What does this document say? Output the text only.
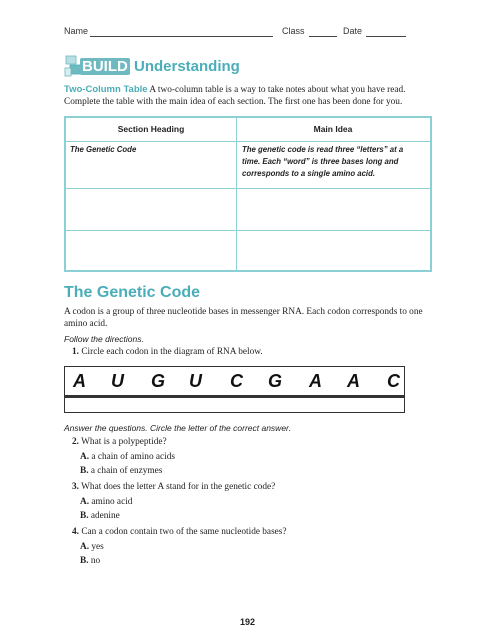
Name	Class	Date
BUILD Understanding
Two-Column Table A two-column table is a way to take notes about what you have read.
Complete the table with the main idea of each section. The first one has been done for you.
Section Heading	Main Idea
The Genetic Code	The genetic code is read three “letters” at a
time. Each “word” is three bases long and
corresponds to a single amino acid.
The Genetic Code
A codon is a group of three nucleotide bases in messenger RNA. Each codon corresponds to one
amino acid.
Follow the directions.
1. Circle each codon in the diagram of RNA below.
A U G U C G A A C
Answer the questions. Circle the letter of the correct answer.
2. What is a polypeptide?
A. a chain of amino acids
B. a chain of enzymes
3. What does the letter A stand for in the genetic code?
A. amino acid
B. adenine
4. Can a codon contain two of the same nucleotide bases?
A. yes
B. no
192
